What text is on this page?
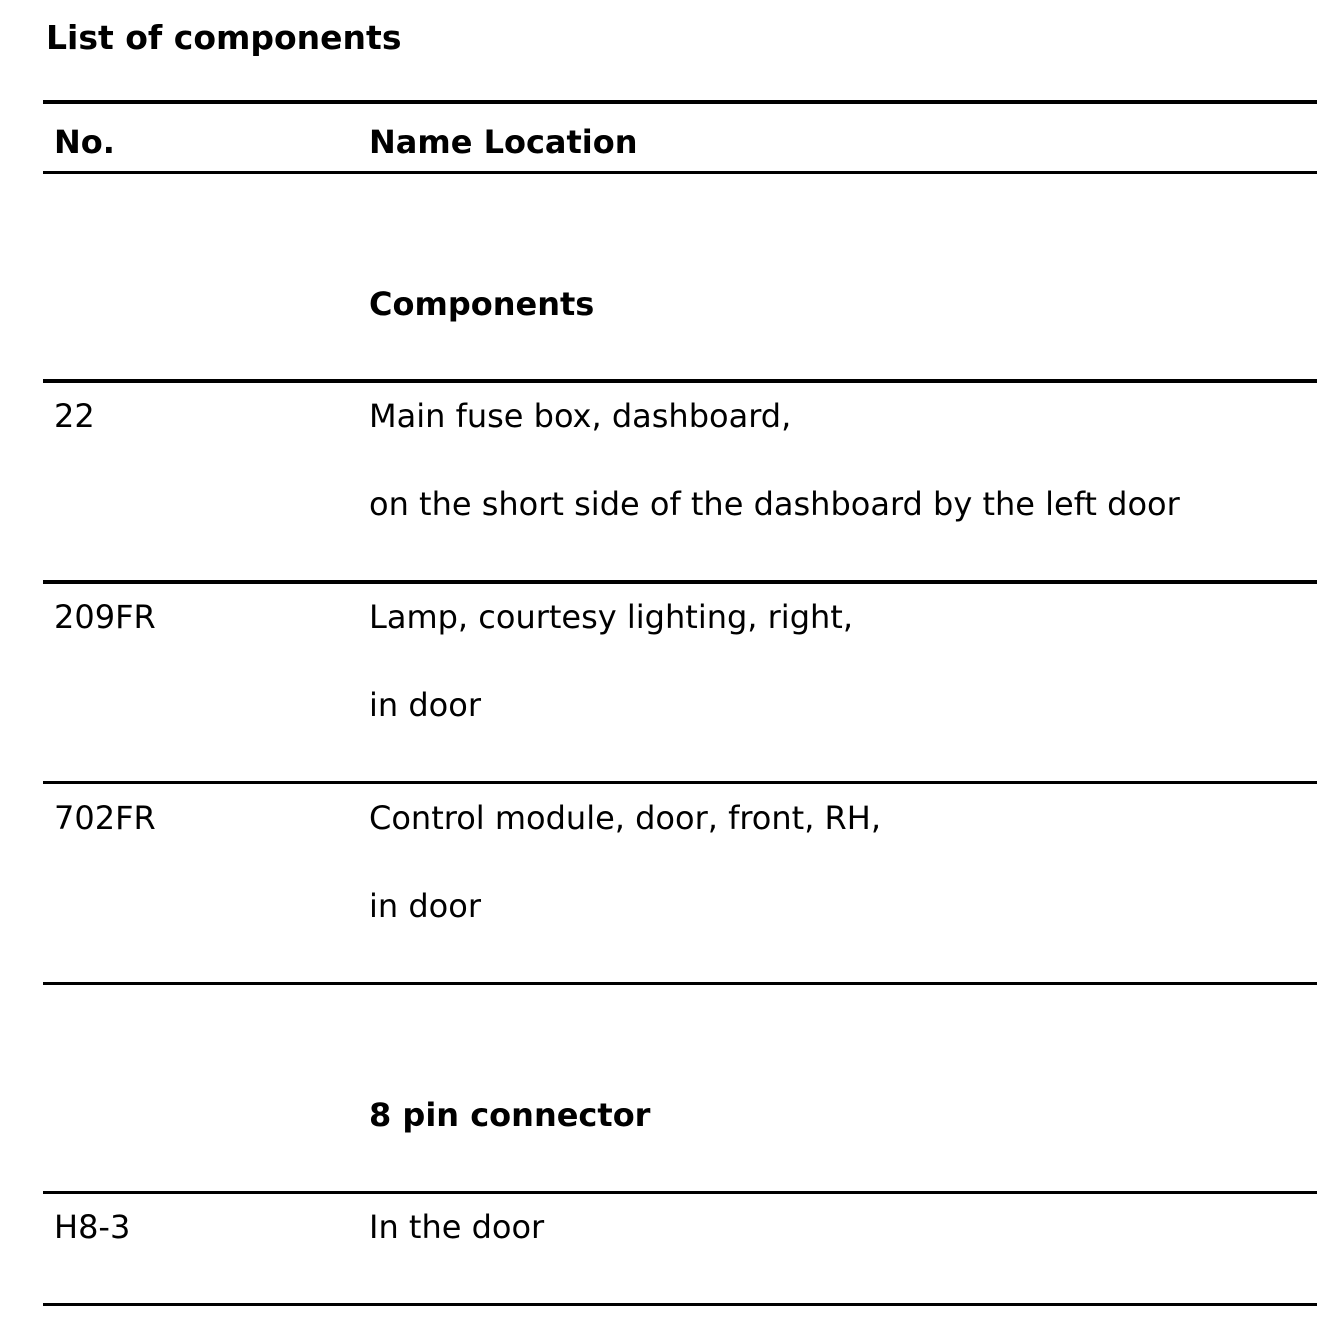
List of components
No.	Name Location
Components
22	Main fuse box, dashboard,
on the short side of the dashboard by the left door
209FR	Lamp, courtesy lighting, right,
in door
702FR	Control module, door, front, RH,
in door
8 pin connector
H8-3	In the door
